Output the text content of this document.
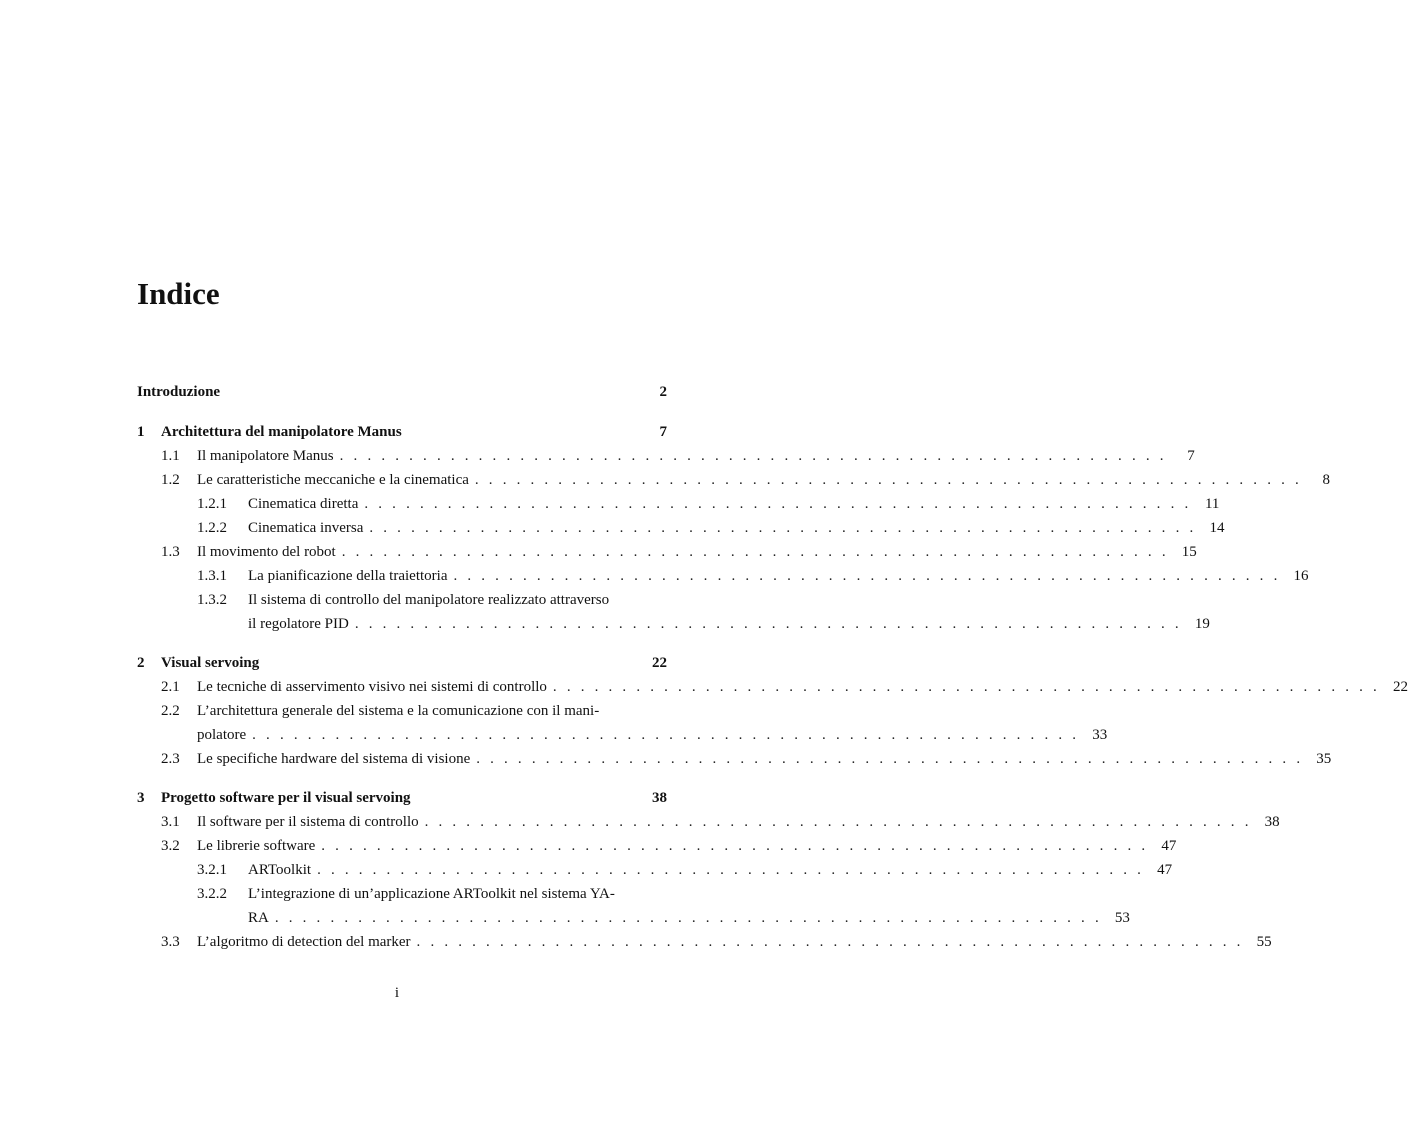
Indice
Introduzione	2
1	Architettura del manipolatore Manus	7
1.1	Il manipolatore Manus . . . . . . . . . . . . . . . . . . . . . . . . . . . . . . . . . . . . . . . . . . . . . . . . . . . . . . . . . . . .	7
1.2	Le caratteristiche meccaniche e la cinematica . . . . . . . . . . . . . . . . . . . . . . . . . . . . . . . . . . . . . . . . . . . . . . . . . . . . . . . . . . . .	8
1.2.1	Cinematica diretta . . . . . . . . . . . . . . . . . . . . . . . . . . . . . . . . . . . . . . . . . . . . . . . . . . . . . . . . . . . . 11
1.2.2	Cinematica inversa . . . . . . . . . . . . . . . . . . . . . . . . . . . . . . . . . . . . . . . . . . . . . . . . . . . . . . . . . . . . 14
1.3	Il movimento del robot . . . . . . . . . . . . . . . . . . . . . . . . . . . . . . . . . . . . . . . . . . . . . . . . . . . . . . . . . . . . 15
1.3.1	La pianificazione della traiettoria . . . . . . . . . . . . . . . . . . . . . . . . . . . . . . . . . . . . . . . . . . . . . . . . . . . . . . . . . . . . 16
1.3.2	Il sistema di controllo del manipolatore realizzato attraverso
il regolatore PID . . . . . . . . . . . . . . . . . . . . . . . . . . . . . . . . . . . . . . . . . . . . . . . . . . . . . . . . . . . . 19
2	Visual servoing	22
2.1	Le tecniche di asservimento visivo nei sistemi di controllo . . . . . . . . . . . . . . . . . . . . . . . . . . . . . . . . . . . . . . . . . . . . . . . . . . . . . . . . . . . . 22
2.2	L’architettura generale del sistema e la comunicazione con il mani-
polatore . . . . . . . . . . . . . . . . . . . . . . . . . . . . . . . . . . . . . . . . . . . . . . . . . . . . . . . . . . . . 33
2.3	Le specifiche hardware del sistema di visione . . . . . . . . . . . . . . . . . . . . . . . . . . . . . . . . . . . . . . . . . . . . . . . . . . . . . . . . . . . . 35
3	Progetto software per il visual servoing	38
3.1	Il software per il sistema di controllo . . . . . . . . . . . . . . . . . . . . . . . . . . . . . . . . . . . . . . . . . . . . . . . . . . . . . . . . . . . . 38
3.2	Le librerie software . . . . . . . . . . . . . . . . . . . . . . . . . . . . . . . . . . . . . . . . . . . . . . . . . . . . . . . . . . . . 47
3.2.1	ARToolkit . . . . . . . . . . . . . . . . . . . . . . . . . . . . . . . . . . . . . . . . . . . . . . . . . . . . . . . . . . . . 47
3.2.2	L’integrazione di un’applicazione ARToolkit nel sistema YA-
RA . . . . . . . . . . . . . . . . . . . . . . . . . . . . . . . . . . . . . . . . . . . . . . . . . . . . . . . . . . . . 53
3.3	L’algoritmo di detection del marker . . . . . . . . . . . . . . . . . . . . . . . . . . . . . . . . . . . . . . . . . . . . . . . . . . . . . . . . . . . . 55
i
